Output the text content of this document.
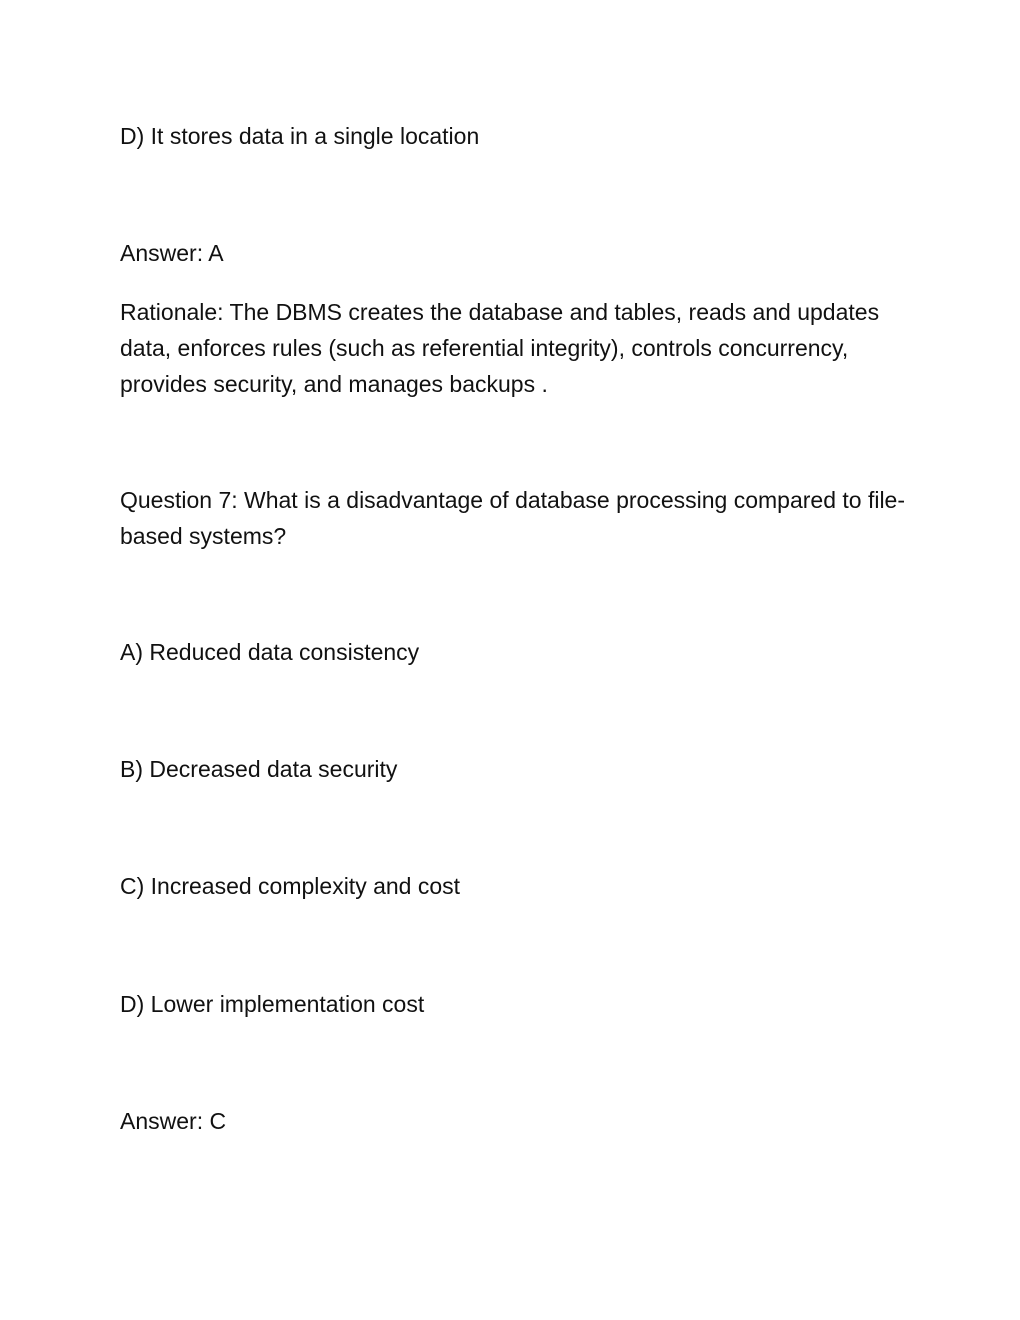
D) It stores data in a single location

Answer: A

Rationale: The DBMS creates the database and tables, reads and updates data, enforces rules (such as referential integrity), controls concurrency, provides security, and manages backups .

Question 7: What is a disadvantage of database processing compared to file-based systems?

A) Reduced data consistency

B) Decreased data security

C) Increased complexity and cost

D) Lower implementation cost

Answer: C
